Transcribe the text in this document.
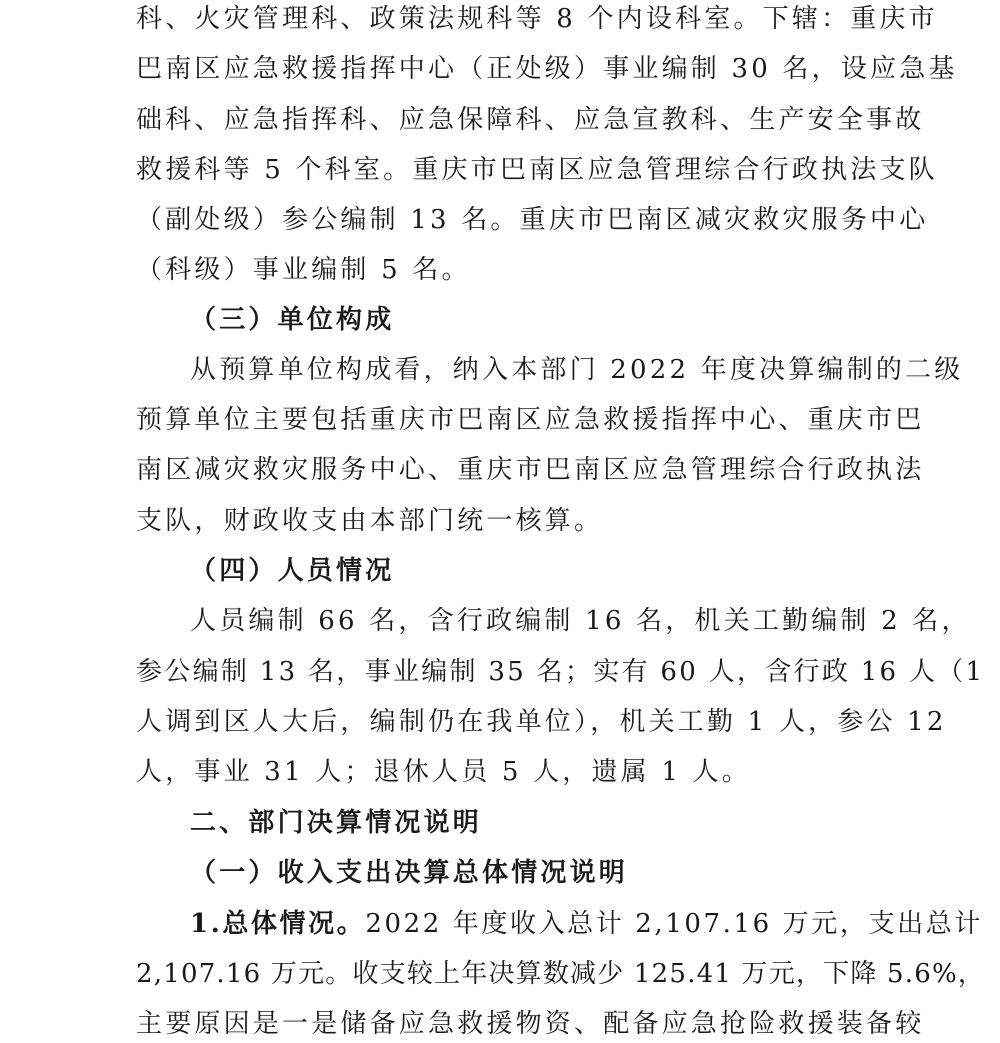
科、火灾管理科、政策法规科等 8 个内设科室。下辖：重庆市
巴南区应急救援指挥中心（正处级）事业编制 30 名，设应急基
础科、应急指挥科、应急保障科、应急宣教科、生产安全事故
救援科等 5 个科室。重庆市巴南区应急管理综合行政执法支队
（副处级）参公编制 13 名。重庆市巴南区减灾救灾服务中心
（科级）事业编制 5 名。
（三）单位构成
从预算单位构成看，纳入本部门 2022 年度决算编制的二级
预算单位主要包括重庆市巴南区应急救援指挥中心、重庆市巴
南区减灾救灾服务中心、重庆市巴南区应急管理综合行政执法
支队，财政收支由本部门统一核算。
（四）人员情况
人员编制 66 名，含行政编制 16 名，机关工勤编制 2 名，
参公编制 13 名，事业编制 35 名；实有 60 人，含行政 16 人（1
人调到区人大后，编制仍在我单位），机关工勤 1 人，参公 12
人，事业 31 人；退休人员 5 人，遗属 1 人。
二、部门决算情况说明
（一）收入支出决算总体情况说明
1.总体情况。2022 年度收入总计 2,107.16 万元，支出总计
2,107.16 万元。收支较上年决算数减少 125.41 万元，下降 5.6%，
主要原因是一是储备应急救援物资、配备应急抢险救援装备较
